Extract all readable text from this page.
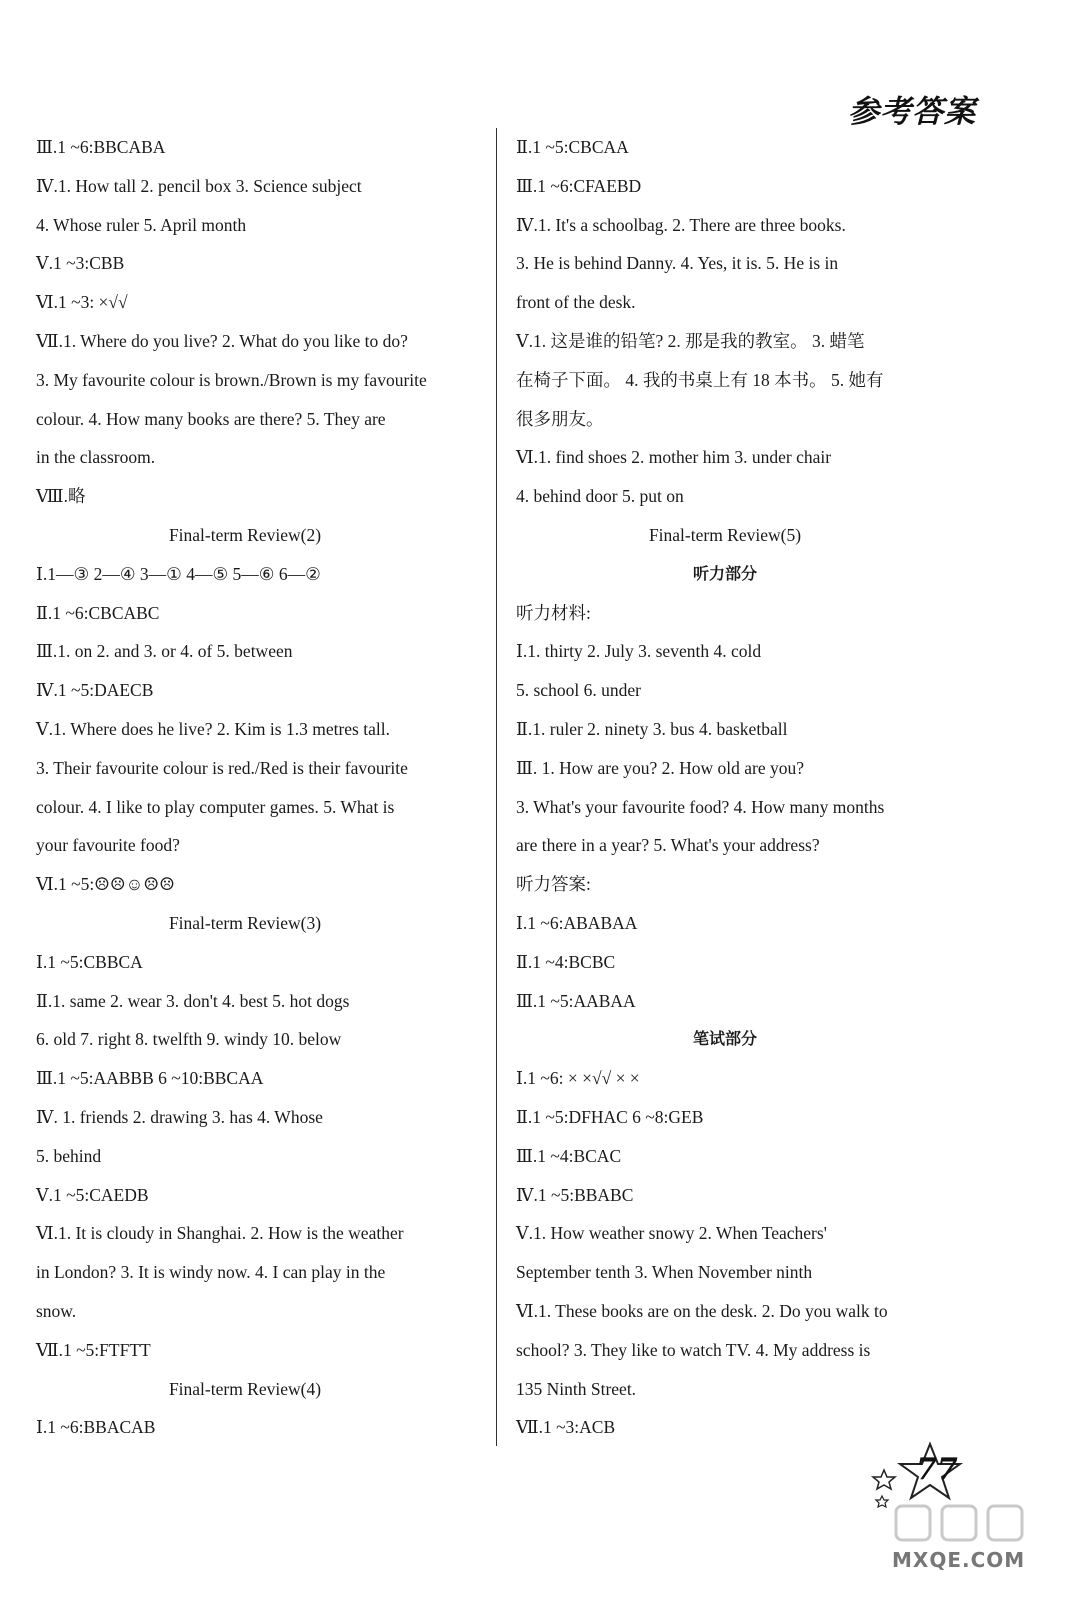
参考答案
Ⅲ.1 ~6:BBCABA
Ⅳ.1. How tall 2. pencil box 3. Science subject
4. Whose ruler 5. April month
Ⅴ.1 ~3:CBB
Ⅵ.1 ~3: ×√√
Ⅶ.1. Where do you live? 2. What do you like to do?
3. My favourite colour is brown./Brown is my favourite
colour. 4. How many books are there? 5. They are
in the classroom.
Ⅷ.略
Final-term Review(2)
Ⅰ.1—③ 2—④ 3—① 4—⑤ 5—⑥ 6—②
Ⅱ.1 ~6:CBCABC
Ⅲ.1. on 2. and 3. or 4. of 5. between
Ⅳ.1 ~5:DAECB
Ⅴ.1. Where does he live? 2. Kim is 1.3 metres tall.
3. Their favourite colour is red./Red is their favourite
colour. 4. I like to play computer games. 5. What is
your favourite food?
Ⅵ.1 ~5:☹☹☺☹☹
Final-term Review(3)
Ⅰ.1 ~5:CBBCA
Ⅱ.1. same 2. wear 3. don't 4. best 5. hot dogs
6. old 7. right 8. twelfth 9. windy 10. below
Ⅲ.1 ~5:AABBB 6 ~10:BBCAA
Ⅳ. 1. friends 2. drawing 3. has 4. Whose
5. behind
Ⅴ.1 ~5:CAEDB
Ⅵ.1. It is cloudy in Shanghai. 2. How is the weather
in London? 3. It is windy now. 4. I can play in the
snow.
Ⅶ.1 ~5:FTFTT
Final-term Review(4)
Ⅰ.1 ~6:BBACAB
Ⅱ.1 ~5:CBCAA
Ⅲ.1 ~6:CFAEBD
Ⅳ.1. It's a schoolbag. 2. There are three books.
3. He is behind Danny. 4. Yes, it is. 5. He is in
front of the desk.
Ⅴ.1. 这是谁的铅笔? 2. 那是我的教室。 3. 蜡笔
在椅子下面。 4. 我的书桌上有 18 本书。 5. 她有
很多朋友。
Ⅵ.1. find shoes 2. mother him 3. under chair
4. behind door 5. put on
Final-term Review(5)
听力部分
听力材料:
Ⅰ.1. thirty 2. July 3. seventh 4. cold
5. school 6. under
Ⅱ.1. ruler 2. ninety 3. bus 4. basketball
Ⅲ. 1. How are you? 2. How old are you?
3. What's your favourite food? 4. How many months
are there in a year? 5. What's your address?
听力答案:
Ⅰ.1 ~6:ABABAA
Ⅱ.1 ~4:BCBC
Ⅲ.1 ~5:AABAA
笔试部分
Ⅰ.1 ~6: × ×√√ × ×
Ⅱ.1 ~5:DFHAC 6 ~8:GEB
Ⅲ.1 ~4:BCAC
Ⅳ.1 ~5:BBABC
Ⅴ.1. How weather snowy 2. When Teachers'
September tenth 3. When November ninth
Ⅵ.1. These books are on the desk. 2. Do you walk to
school? 3. They like to watch TV. 4. My address is
135 Ninth Street.
Ⅶ.1 ~3:ACB
77
MXQE.COM
